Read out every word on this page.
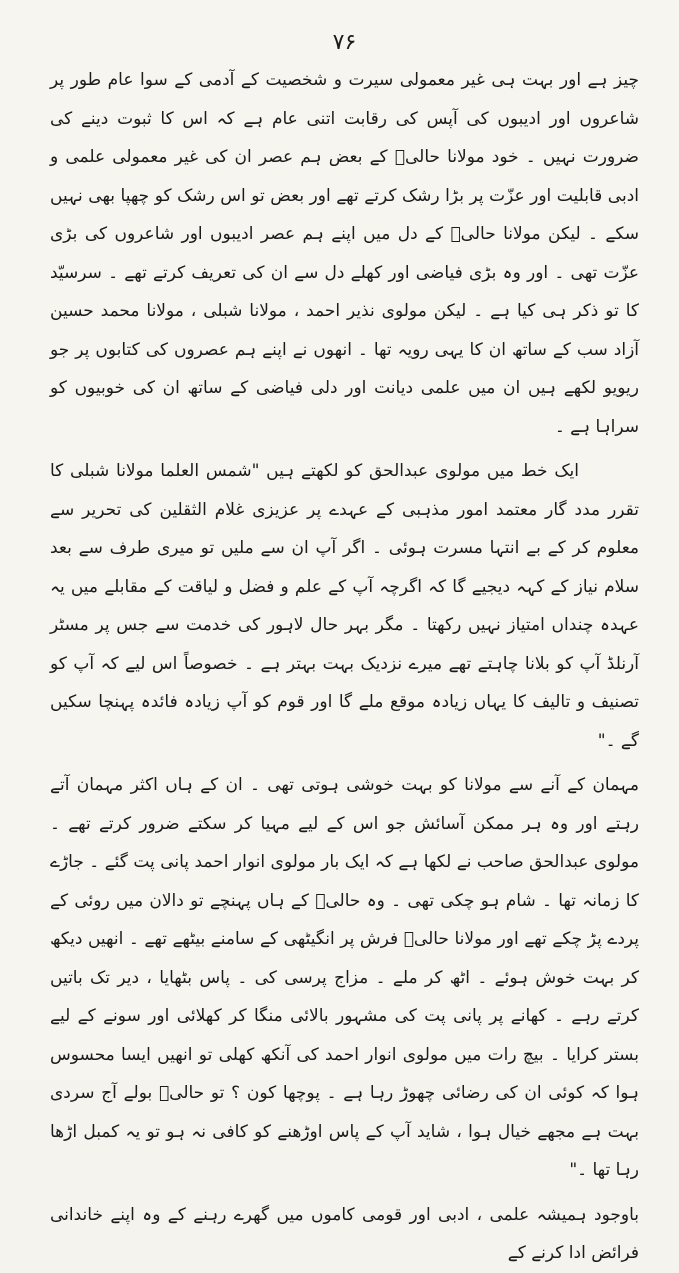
۷۶

چیز ہے اور بہت ہی غیر معمولی سیرت و شخصیت کے آدمی کے سوا عام طور پر شاعروں اور ادیبوں کی آپس کی رقابت اتنی عام ہے کہ اس کا ثبوت دینے کی ضرورت نہیں ۔ خود مولانا حالیؔ کے بعض ہم عصر ان کی غیر معمولی علمی و ادبی قابلیت اور عزّت پر بڑا رشک کرتے تھے اور بعض تو اس رشک کو چھپا بھی نہیں سکے ۔ لیکن مولانا حالیؔ کے دل میں اپنے ہم عصر ادیبوں اور شاعروں کی بڑی عزّت تھی ۔ اور وہ بڑی فیاضی اور کھلے دل سے ان کی تعریف کرتے تھے ۔ سرسیّد کا تو ذکر ہی کیا ہے ۔ لیکن مولوی نذیر احمد ، مولانا شبلی ، مولانا محمد حسین آزاد سب کے ساتھ ان کا یہی رویہ تھا ۔ انھوں نے اپنے ہم عصروں کی کتابوں پر جو ریویو لکھے ہیں ان میں علمی دیانت اور دلی فیاضی کے ساتھ ان کی خوبیوں کو سراہا ہے ۔

ایک خط میں مولوی عبدالحق کو لکھتے ہیں "شمس العلما مولانا شبلی کا تقرر مدد گار معتمد امور مذہبی کے عہدے پر عزیزی غلام الثقلین کی تحریر سے معلوم کر کے بے انتہا مسرت ہوئی ۔ اگر آپ ان سے ملیں تو میری طرف سے بعد سلام نیاز کے کہہ دیجیے گا کہ اگرچہ آپ کے علم و فضل و لیاقت کے مقابلے میں یہ عہدہ چنداں امتیاز نہیں رکھتا ۔ مگر بہر حال لاہور کی خدمت سے جس پر مسٹر آرنلڈ آپ کو بلانا چاہتے تھے میرے نزدیک بہت بہتر ہے ۔ خصوصاً اس لیے کہ آپ کو تصنیف و تالیف کا یہاں زیادہ موقع ملے گا اور قوم کو آپ زیادہ فائدہ پہنچا سکیں گے ۔"

مہمان کے آنے سے مولانا کو بہت خوشی ہوتی تھی ۔ ان کے ہاں اکثر مہمان آتے رہتے اور وہ ہر ممکن آسائش جو اس کے لیے مہیا کر سکتے ضرور کرتے تھے ۔ مولوی عبدالحق صاحب نے لکھا ہے کہ ایک بار مولوی انوار احمد پانی پت گئے ۔ جاڑے کا زمانہ تھا ۔ شام ہو چکی تھی ۔ وہ حالیؔ کے ہاں پہنچے تو دالان میں روئی کے پردے پڑ چکے تھے اور مولانا حالیؔ فرش پر انگیٹھی کے سامنے بیٹھے تھے ۔ انھیں دیکھ کر بہت خوش ہوئے ۔ اٹھ کر ملے ۔ مزاج پرسی کی ۔ پاس بٹھایا ، دیر تک باتیں کرتے رہے ۔ کھانے پر پانی پت کی مشہور بالائی منگا کر کھلائی اور سونے کے لیے بستر کرایا ۔ بیچ رات میں مولوی انوار احمد کی آنکھ کھلی تو انھیں ایسا محسوس ہوا کہ کوئی ان کی رضائی چھوڑ رہا ہے ۔ پوچھا کون ؟ تو حالیؔ بولے آج سردی بہت ہے مجھے خیال ہوا ، شاید آپ کے پاس اوڑھنے کو کافی نہ ہو تو یہ کمبل اڑھا رہا تھا ۔"

باوجود ہمیشہ علمی ، ادبی اور قومی کاموں میں گھرے رہنے کے وہ اپنے خاندانی فرائض ادا کرنے کے
